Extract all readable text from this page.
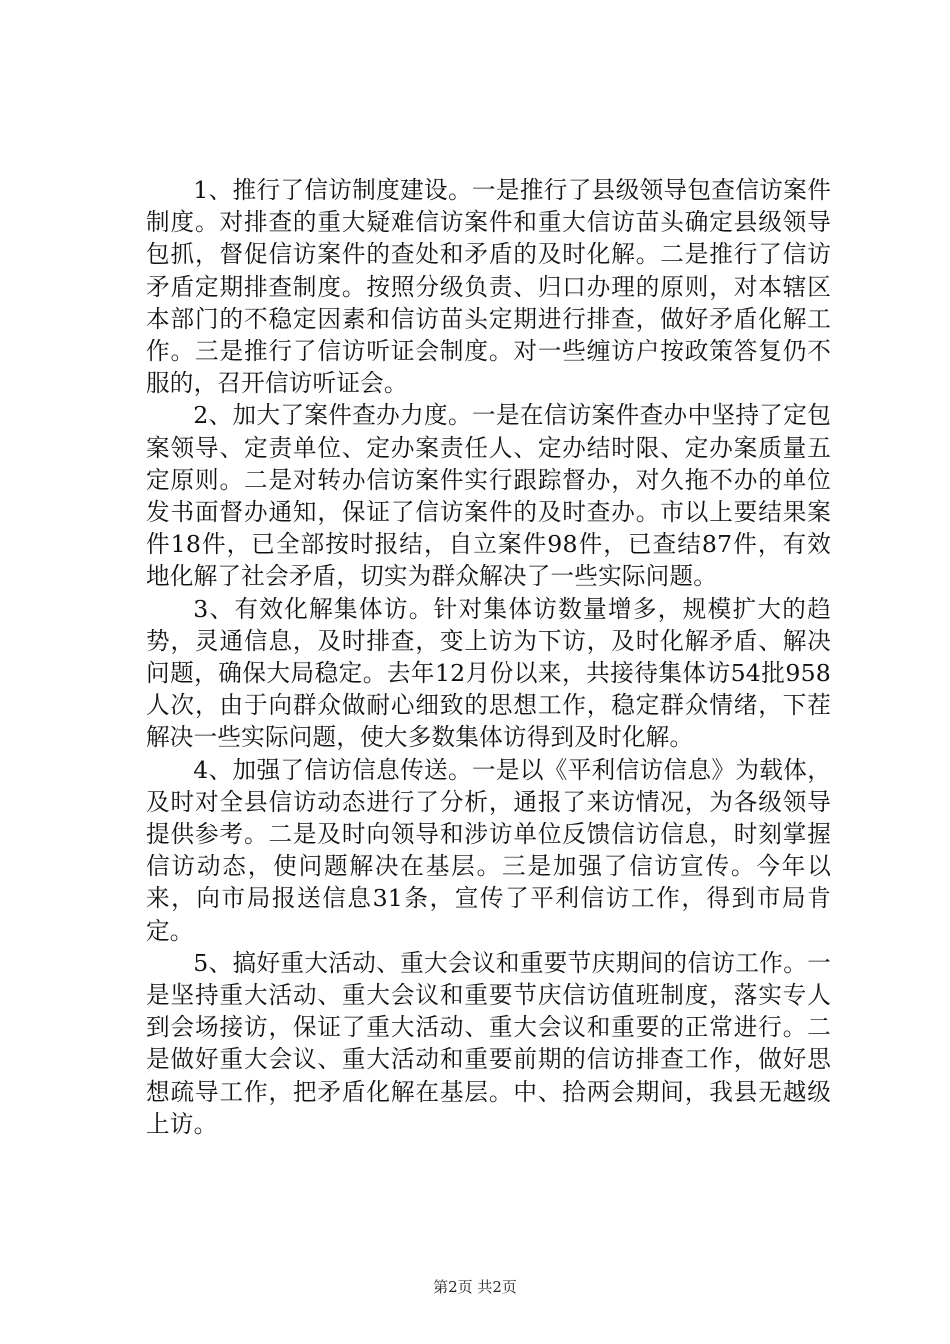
1、推行了信访制度建设。一是推行了县级领导包查信访案件制度。对排查的重大疑难信访案件和重大信访苗头确定县级领导包抓，督促信访案件的查处和矛盾的及时化解。二是推行了信访矛盾定期排查制度。按照分级负责、归口办理的原则，对本辖区本部门的不稳定因素和信访苗头定期进行排查，做好矛盾化解工作。三是推行了信访听证会制度。对一些缠访户按政策答复仍不服的，召开信访听证会。

2、加大了案件查办力度。一是在信访案件查办中坚持了定包案领导、定责单位、定办案责任人、定办结时限、定办案质量五定原则。二是对转办信访案件实行跟踪督办，对久拖不办的单位发书面督办通知，保证了信访案件的及时查办。市以上要结果案件18件，已全部按时报结，自立案件98件，已查结87件，有效地化解了社会矛盾，切实为群众解决了一些实际问题。

3、有效化解集体访。针对集体访数量增多，规模扩大的趋势，灵通信息，及时排查，变上访为下访，及时化解矛盾、解决问题，确保大局稳定。去年12月份以来，共接待集体访54批958人次，由于向群众做耐心细致的思想工作，稳定群众情绪，下茬解决一些实际问题，使大多数集体访得到及时化解。

4、加强了信访信息传送。一是以《平利信访信息》为载体，及时对全县信访动态进行了分析，通报了来访情况，为各级领导提供参考。二是及时向领导和涉访单位反馈信访信息，时刻掌握信访动态，使问题解决在基层。三是加强了信访宣传。今年以来，向市局报送信息31条，宣传了平利信访工作，得到市局肯定。

5、搞好重大活动、重大会议和重要节庆期间的信访工作。一是坚持重大活动、重大会议和重要节庆信访值班制度，落实专人到会场接访，保证了重大活动、重大会议和重要的正常进行。二是做好重大会议、重大活动和重要前期的信访排查工作，做好思想疏导工作，把矛盾化解在基层。中、拾两会期间，我县无越级上访。

第2页 共2页
